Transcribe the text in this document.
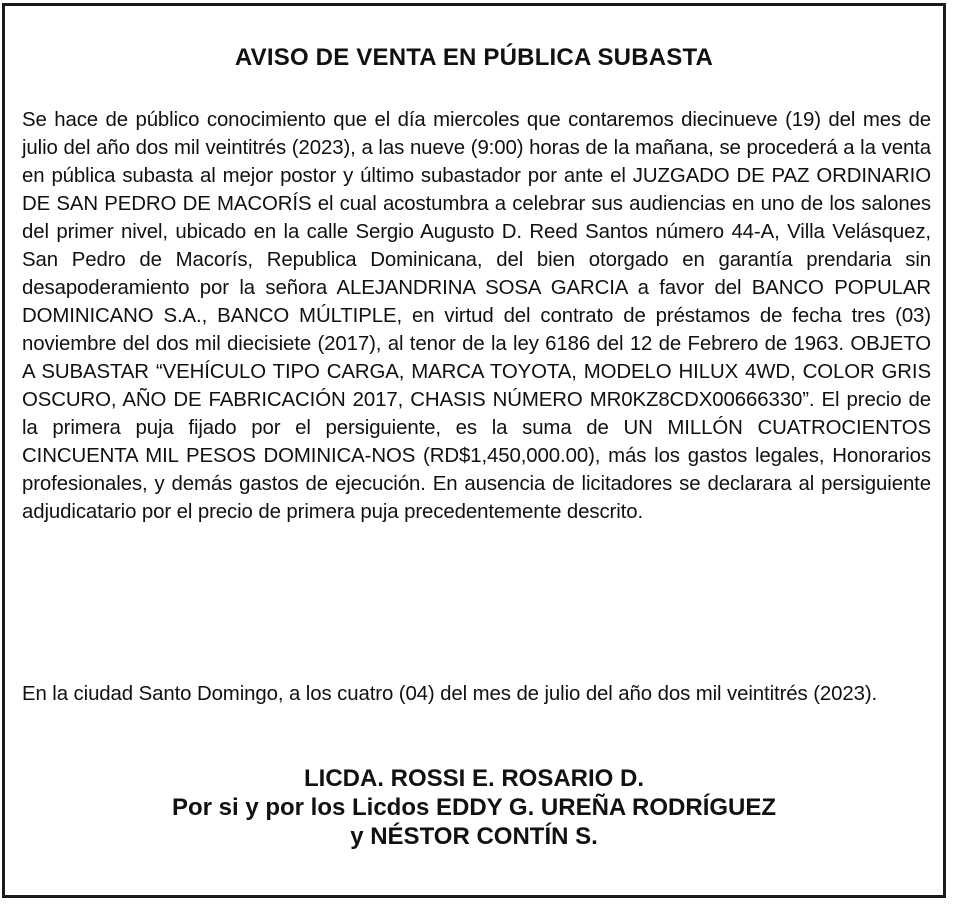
AVISO DE VENTA EN PÚBLICA SUBASTA

Se hace de público conocimiento que el día miercoles que contaremos diecinueve (19) del mes de julio del año dos mil veintitrés (2023), a las nueve (9:00) horas de la mañana, se procederá a la venta en pública subasta al mejor postor y último subastador por ante el JUZGADO DE PAZ ORDINARIO DE SAN PEDRO DE MACORÍS el cual acostumbra a celebrar sus audiencias en uno de los salones del primer nivel, ubicado en la calle Sergio Augusto D. Reed Santos número 44-A, Villa Velásquez, San Pedro de Macorís, Republica Dominicana, del bien otorgado en garantía prendaria sin desapoderamiento por la señora ALEJANDRINA SOSA GARCIA a favor del BANCO POPULAR DOMINICANO S.A., BANCO MÚLTIPLE, en virtud del contrato de préstamos de fecha tres (03) noviembre del dos mil diecisiete (2017), al tenor de la ley 6186 del 12 de Febrero de 1963. OBJETO A SUBASTAR “VEHÍCULO TIPO CARGA, MARCA TOYOTA, MODELO HILUX 4WD, COLOR GRIS OSCURO, AÑO DE FABRICACIÓN 2017, CHASIS NÚMERO MR0KZ8CDX00666330”. El precio de la primera puja fijado por el persiguiente, es la suma de UN MILLÓN CUATROCIENTOS CINCUENTA MIL PESOS DOMINICA-NOS (RD$1,450,000.00), más los gastos legales, Honorarios profesionales, y demás gastos de ejecución. En ausencia de licitadores se declarara al persiguiente adjudicatario por el precio de primera puja precedentemente descrito.

En la ciudad Santo Domingo, a los cuatro (04) del mes de julio del año dos mil veintitrés (2023).

LICDA. ROSSI E. ROSARIO D.
Por si y por los Licdos EDDY G. UREÑA RODRÍGUEZ
y NÉSTOR CONTÍN S.
